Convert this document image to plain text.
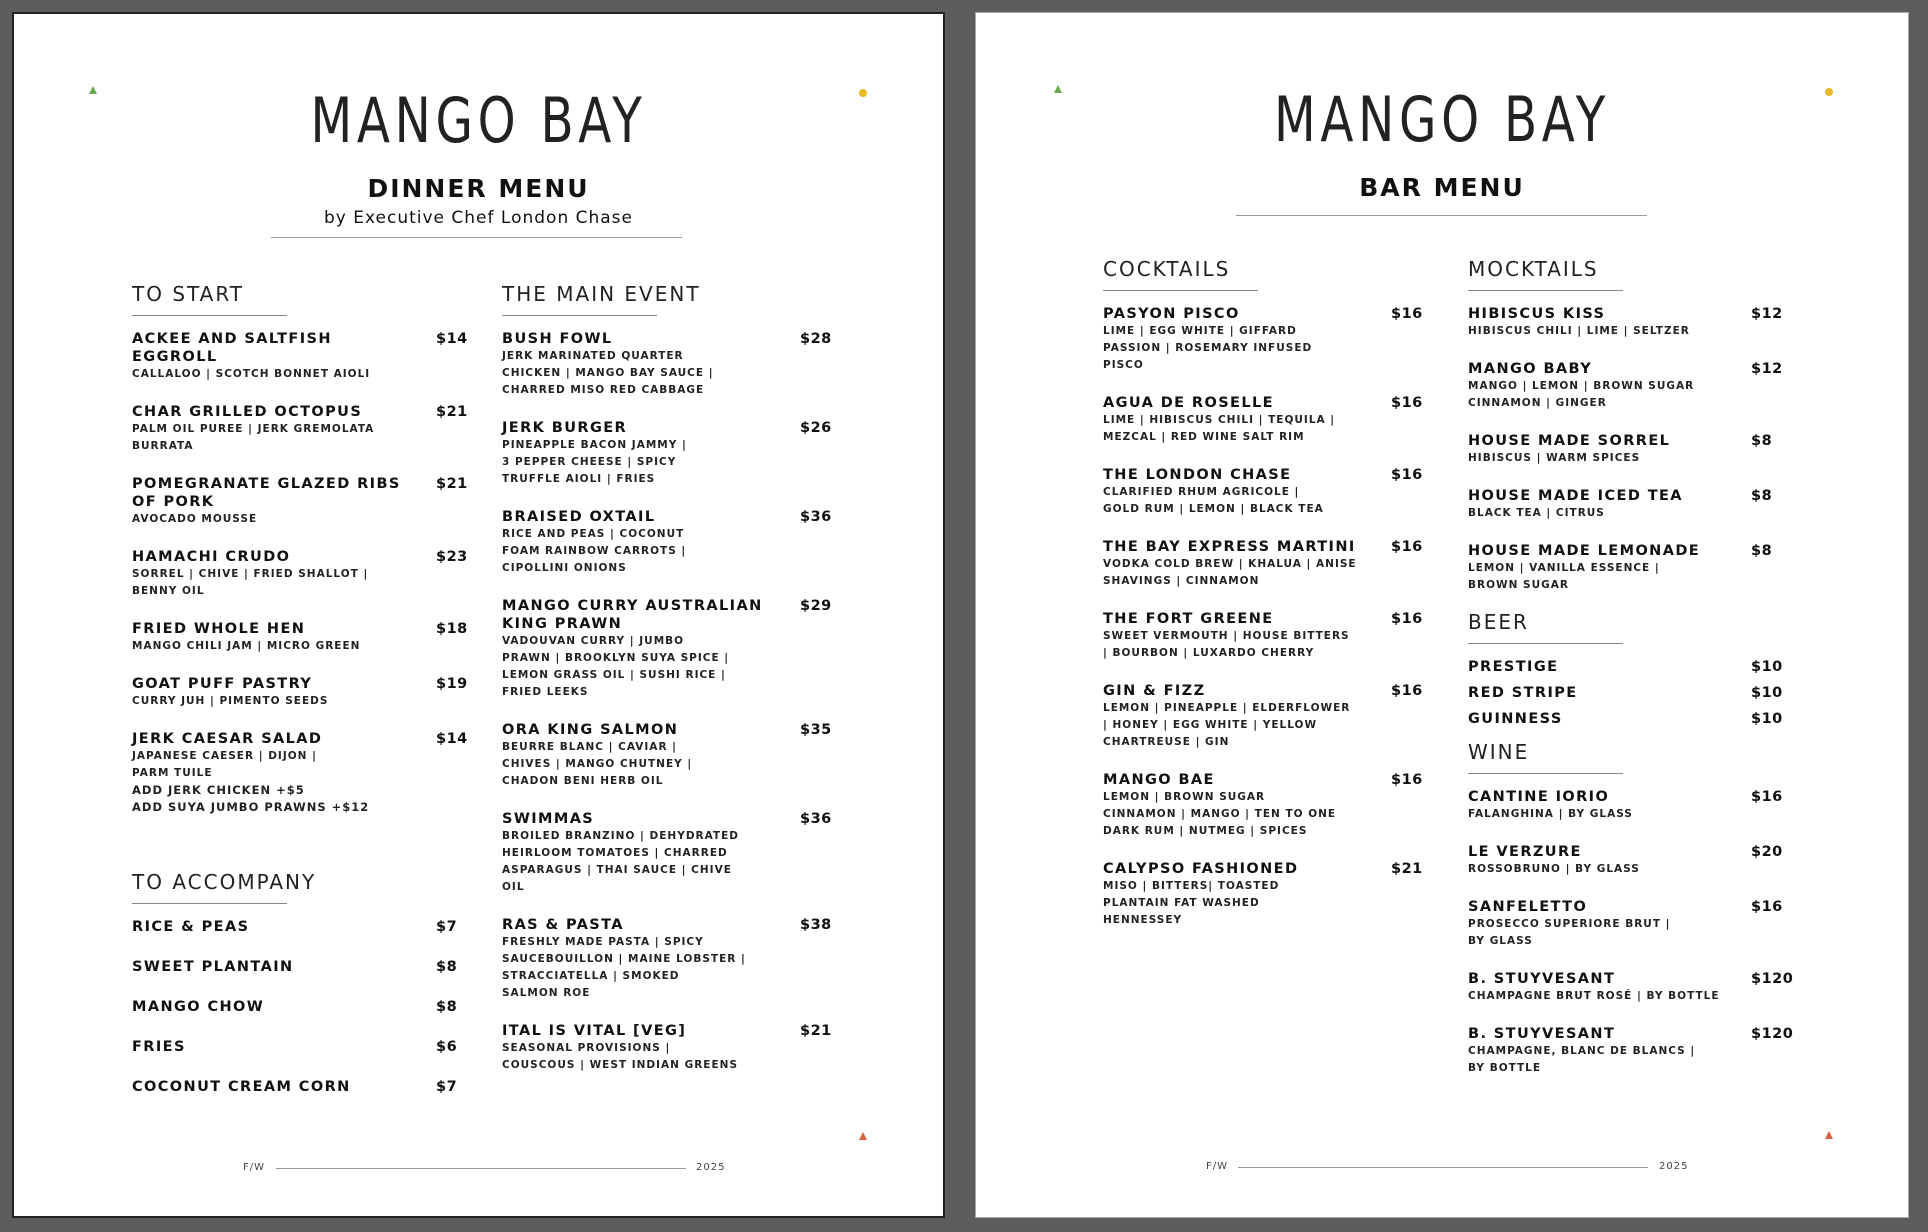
MANGO BAY
DINNER MENU
by Executive Chef London Chase
TO START
ACKEE AND SALTFISH EGGROLL
$14
CALLALOO | SCOTCH BONNET AIOLI
CHAR GRILLED OCTOPUS	$21
PALM OIL PUREE | JERK GREMOLATA
BURRATA
POMEGRANATE GLAZED RIBS OF PORK
$21
AVOCADO MOUSSE
HAMACHI CRUDO	$23
SORREL | CHIVE | FRIED SHALLOT |
BENNY OIL
FRIED WHOLE HEN	$18
MANGO CHILI JAM | MICRO GREEN
GOAT PUFF PASTRY	$19
CURRY JUH | PIMENTO SEEDS
JERK CAESAR SALAD	$14
JAPANESE CAESER | DIJON |
PARM TUILE
ADD JERK CHICKEN +$5
ADD SUYA JUMBO PRAWNS +$12
TO ACCOMPANY
RICE & PEAS	$7
SWEET PLANTAIN	$8
MANGO CHOW	$8
FRIES	$6
COCONUT CREAM CORN	$7
THE MAIN EVENT
BUSH FOWL	$28
JERK MARINATED QUARTER
CHICKEN | MANGO BAY SAUCE |
CHARRED MISO RED CABBAGE
JERK BURGER	$26
PINEAPPLE BACON JAMMY |
3 PEPPER CHEESE | SPICY
TRUFFLE AIOLI | FRIES
BRAISED OXTAIL	$36
RICE AND PEAS | COCONUT
FOAM RAINBOW CARROTS |
CIPOLLINI ONIONS
MANGO CURRY AUSTRALIAN KING PRAWN
$29
VADOUVAN CURRY | JUMBO
PRAWN | BROOKLYN SUYA SPICE |
LEMON GRASS OIL | SUSHI RICE |
FRIED LEEKS
ORA KING SALMON	$35
BEURRE BLANC | CAVIAR |
CHIVES | MANGO CHUTNEY |
CHADON BENI HERB OIL
SWIMMAS	$36
BROILED BRANZINO | DEHYDRATED
HEIRLOOM TOMATOES | CHARRED
ASPARAGUS | THAI SAUCE | CHIVE
OIL
RAS & PASTA	$38
FRESHLY MADE PASTA | SPICY
SAUCEBOUILLON | MAINE LOBSTER |
STRACCIATELLA | SMOKED
SALMON ROE
ITAL IS VITAL [VEG]	$21
SEASONAL PROVISIONS |
COUSCOUS | WEST INDIAN GREENS
F/W	2025
MANGO BAY
BAR MENU
COCKTAILS
PASYON PISCO	$16
LIME | EGG WHITE | GIFFARD
PASSION | ROSEMARY INFUSED
PISCO
AGUA DE ROSELLE	$16
LIME | HIBISCUS CHILI | TEQUILA |
MEZCAL | RED WINE SALT RIM
THE LONDON CHASE	$16
CLARIFIED RHUM AGRICOLE |
GOLD RUM | LEMON | BLACK TEA
THE BAY EXPRESS MARTINI	$16
VODKA COLD BREW | KHALUA | ANISE
SHAVINGS | CINNAMON
THE FORT GREENE	$16
SWEET VERMOUTH | HOUSE BITTERS
| BOURBON | LUXARDO CHERRY
GIN & FIZZ	$16
LEMON | PINEAPPLE | ELDERFLOWER
| HONEY | EGG WHITE | YELLOW
CHARTREUSE | GIN
MANGO BAE	$16
LEMON | BROWN SUGAR
CINNAMON | MANGO | TEN TO ONE
DARK RUM | NUTMEG | SPICES
CALYPSO FASHIONED	$21
MISO | BITTERS| TOASTED
PLANTAIN FAT WASHED
HENNESSEY
MOCKTAILS
HIBISCUS KISS	$12
HIBISCUS CHILI | LIME | SELTZER
MANGO BABY	$12
MANGO | LEMON | BROWN SUGAR
CINNAMON | GINGER
HOUSE MADE SORREL	$8
HIBISCUS | WARM SPICES
HOUSE MADE ICED TEA	$8
BLACK TEA | CITRUS
HOUSE MADE LEMONADE	$8
LEMON | VANILLA ESSENCE |
BROWN SUGAR
BEER
PRESTIGE	$10
RED STRIPE	$10
GUINNESS	$10
WINE
CANTINE IORIO	$16
FALANGHINA | BY GLASS
LE VERZURE	$20
ROSSOBRUNO | BY GLASS
SANFELETTO	$16
PROSECCO SUPERIORE BRUT |
BY GLASS
B. STUYVESANT	$120
CHAMPAGNE BRUT ROSÉ | BY BOTTLE
B. STUYVESANT	$120
CHAMPAGNE, BLANC DE BLANCS |
BY BOTTLE
F/W	2025
